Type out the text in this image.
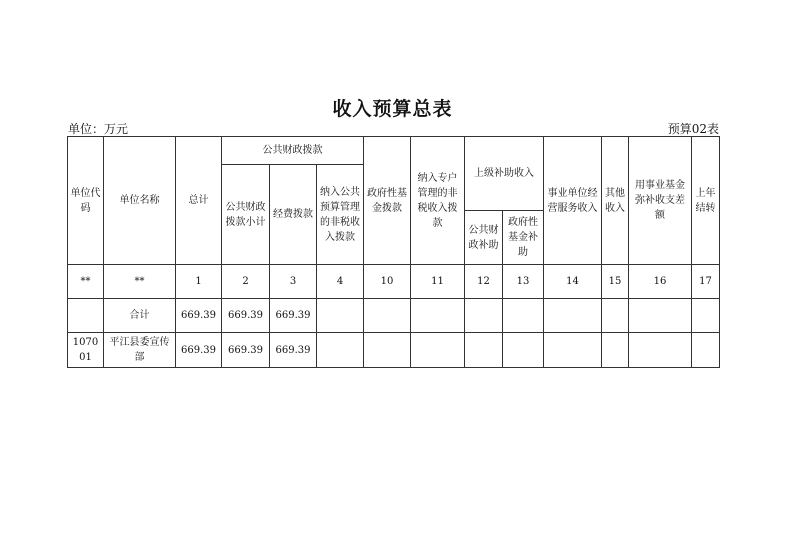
收入预算总表
单位：万元	预算02表
单位代码	单位名称	总计	公共财政拨款			政府性基金拨款	纳入专户管理的非税收入拨款	上级补助收入		事业单位经营服务收入	其他收入	用事业基金弥补收支差额	上年结转
			公共财政拨款小计	经费拨款	纳入公共预算管理的非税收入拨款								
								公共财政补助	政府性基金补助				
**	**	1	2	3	4	10	11	12	13	14	15	16	17
	合计	669.39	669.39	669.39									
107001	平江县委宣传部	669.39	669.39	669.39									
